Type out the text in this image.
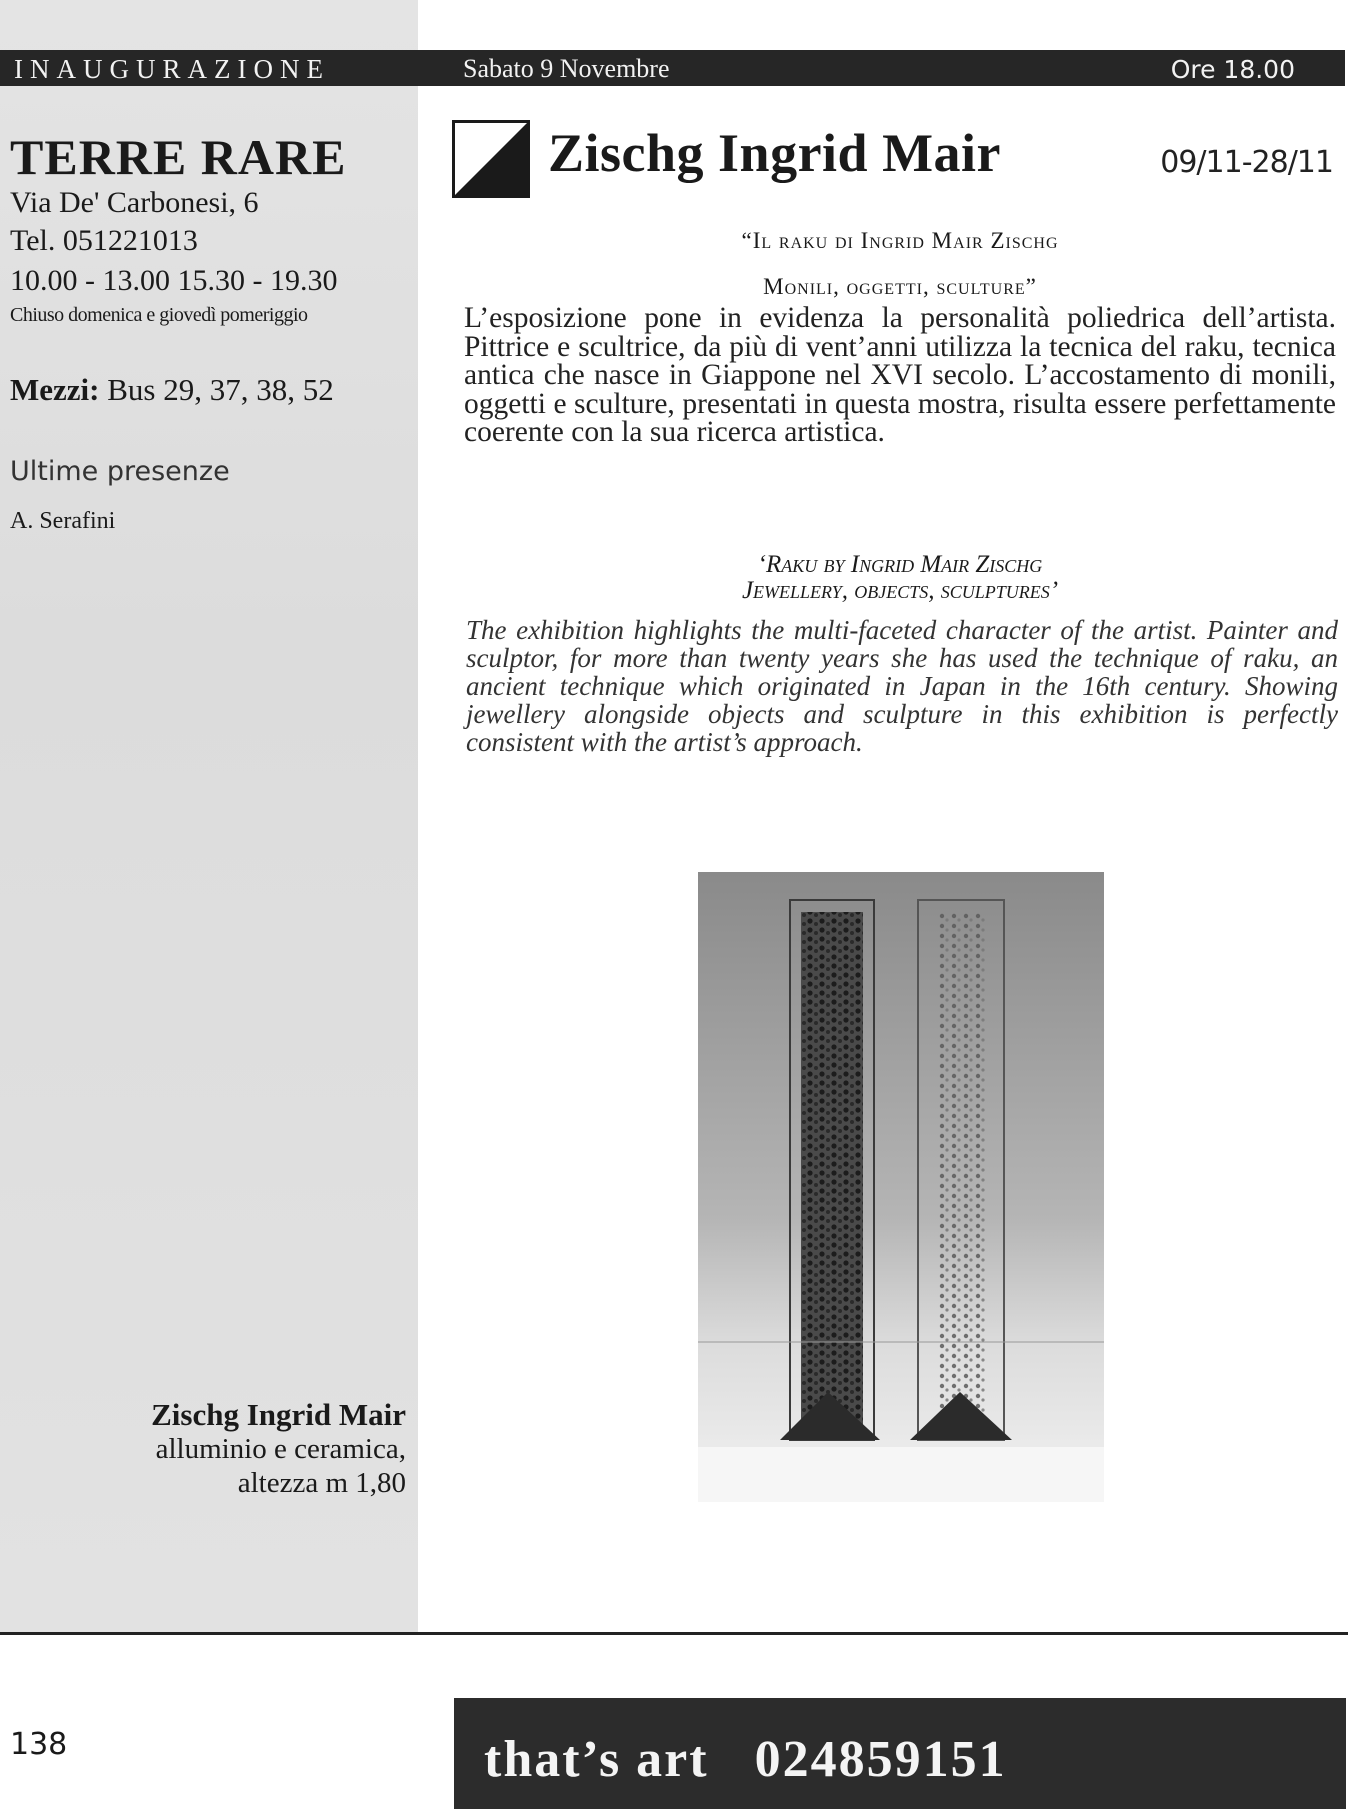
INAUGURAZIONE	Sabato 9 Novembre	Ore 18.00
TERRE RARE
Via De' Carbonesi, 6
Tel. 051221013
10.00 - 13.00 15.30 - 19.30
Chiuso domenica e giovedì pomeriggio
Mezzi: Bus 29, 37, 38, 52
Ultime presenze
A. Serafini
Zischg Ingrid Mair
alluminio e ceramica,
altezza m 1,80
Zischg Ingrid Mair	09/11-28/11
“Il raku di Ingrid Mair Zischg
Monili, oggetti, sculture”
L’esposizione pone in evidenza la personalità poliedrica dell’artista. Pittrice e scultrice, da più di vent’anni utilizza la tecnica del raku, tecnica antica che nasce in Giappone nel XVI secolo. L’accostamento di monili, oggetti e sculture, presentati in questa mostra, risulta essere perfettamente coerente con la sua ricerca artistica.
‘Raku by Ingrid Mair Zischg
Jewellery, objects, sculptures’
The exhibition highlights the multi-faceted character of the artist. Painter and sculptor, for more than twenty years she has used the technique of raku, an ancient technique which originated in Japan in the 16th century. Showing jewellery alongside objects and sculpture in this exhibition is perfectly consistent with the artist’s approach.
138	that’s art 024859151
